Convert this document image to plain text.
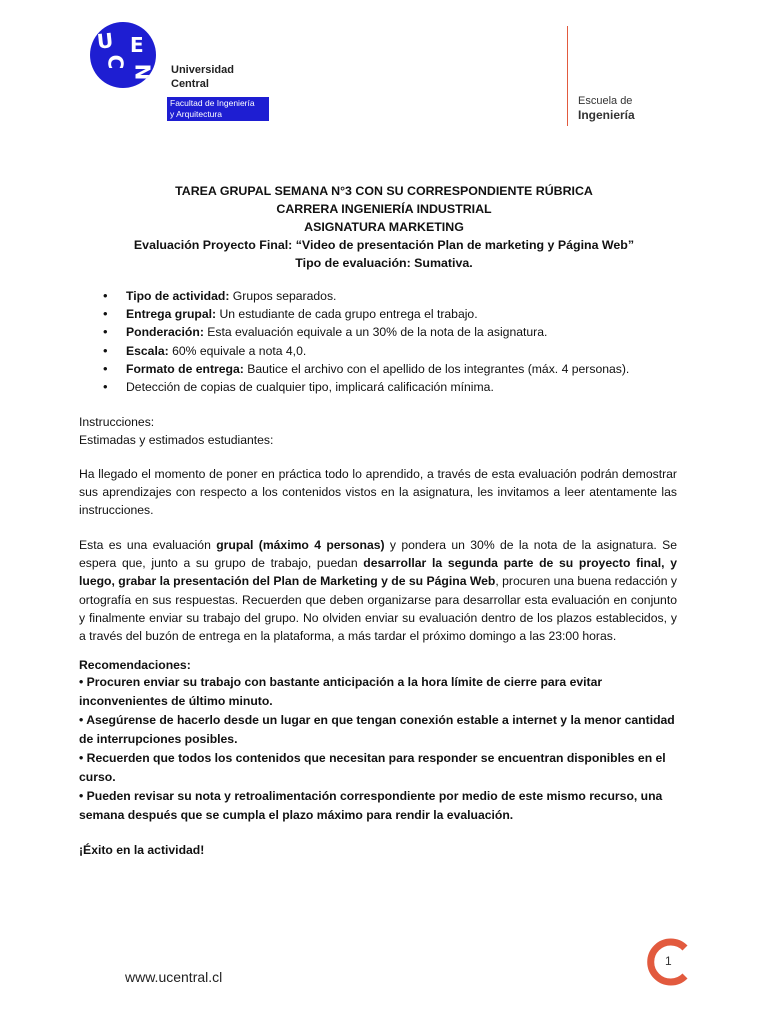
U
C
E
N Universidad
Central
Facultad de Ingeniería
y Arquitectura
Escuela de
Ingeniería
TAREA GRUPAL SEMANA N°3 CON SU CORRESPONDIENTE RÚBRICA
CARRERA INGENIERÍA INDUSTRIAL
ASIGNATURA MARKETING
Evaluación Proyecto Final: “Video de presentación Plan de marketing y Página Web”
Tipo de evaluación: Sumativa.
• Tipo de actividad: Grupos separados.
• Entrega grupal: Un estudiante de cada grupo entrega el trabajo.
• Ponderación: Esta evaluación equivale a un 30% de la nota de la asignatura.
• Escala: 60% equivale a nota 4,0.
• Formato de entrega: Bautice el archivo con el apellido de los integrantes (máx. 4 personas).
• Detección de copias de cualquier tipo, implicará calificación mínima.

Instrucciones:

Estimadas y estimados estudiantes:

Ha llegado el momento de poner en práctica todo lo aprendido, a través de esta evaluación podrán demostrar sus aprendizajes con respecto a los contenidos vistos en la asignatura, les invitamos a leer atentamente las instrucciones.

Esta es una evaluación grupal (máximo 4 personas) y pondera un 30% de la nota de la asignatura. Se espera que, junto a su grupo de trabajo, puedan desarrollar la segunda parte de su proyecto final, y luego, grabar la presentación del Plan de Marketing y de su Página Web, procuren una buena redacción y ortografía en sus respuestas. Recuerden que deben organizarse para desarrollar esta evaluación en conjunto y finalmente enviar su trabajo del grupo. No olviden enviar su evaluación dentro de los plazos establecidos, y a través del buzón de entrega en la plataforma, a más tardar el próximo domingo a las 23:00 horas.

Recomendaciones:

• Procuren enviar su trabajo con bastante anticipación a la hora límite de cierre para evitar inconvenientes de último minuto.
• Asegúrense de hacerlo desde un lugar en que tengan conexión estable a internet y la menor cantidad de interrupciones posibles.
• Recuerden que todos los contenidos que necesitan para responder se encuentran disponibles en el curso.
• Pueden revisar su nota y retroalimentación correspondiente por medio de este mismo recurso, una semana después que se cumpla el plazo máximo para rendir la evaluación.

¡Éxito en la actividad!

www.ucentral.cl
1
